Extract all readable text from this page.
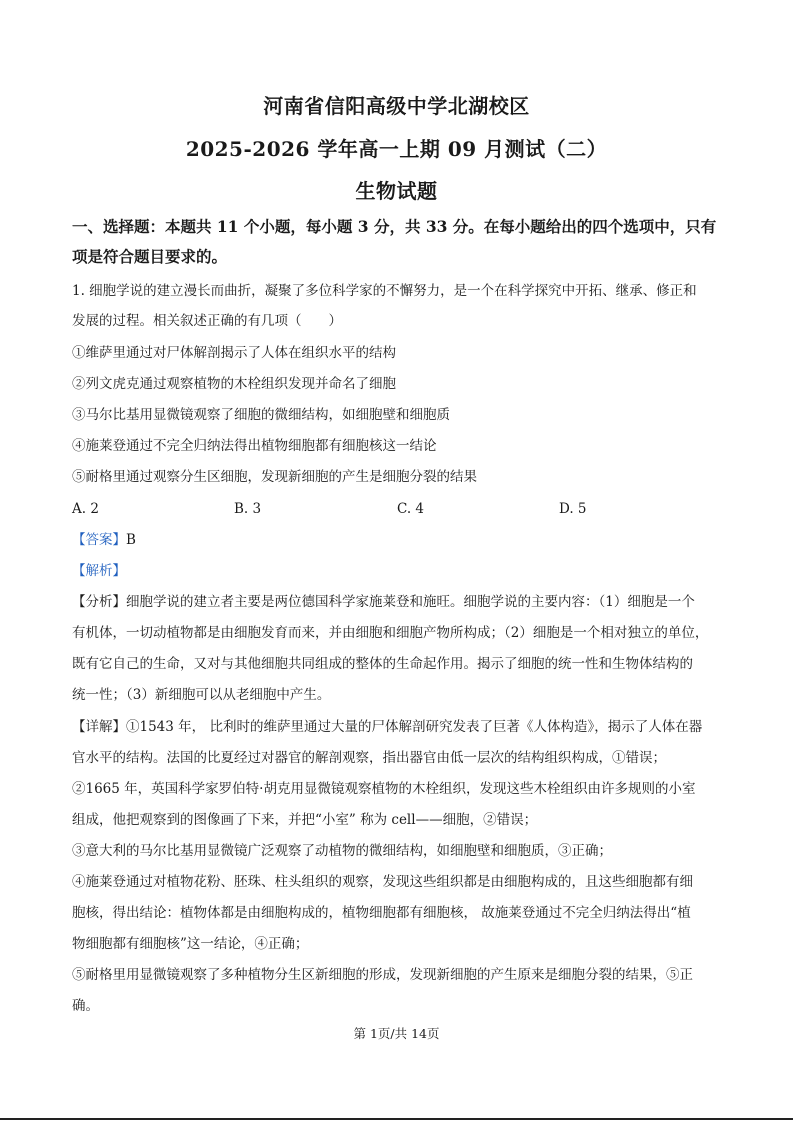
河南省信阳高级中学北湖校区
2025-2026 学年高一上期 09 月测试（二）
生物试题
一、选择题：本题共 11 个小题，每小题 3 分，共 33 分。在每小题给出的四个选项中，只有
项是符合题目要求的。
1. 细胞学说的建立漫长而曲折，凝聚了多位科学家的不懈努力，是一个在科学探究中开拓、继承、修正和
发展的过程。相关叙述正确的有几项（　　）
①维萨里通过对尸体解剖揭示了人体在组织水平的结构
②列文虎克通过观察植物的木栓组织发现并命名了细胞
③马尔比基用显微镜观察了细胞的微细结构，如细胞壁和细胞质
④施莱登通过不完全归纳法得出植物细胞都有细胞核这一结论
⑤耐格里通过观察分生区细胞，发现新细胞的产生是细胞分裂的结果
A. 2	B. 3	C. 4	D. 5
【答案】B
【解析】
【分析】细胞学说的建立者主要是两位德国科学家施莱登和施旺。细胞学说的主要内容：（1）细胞是一个
有机体，一切动植物都是由细胞发育而来，并由细胞和细胞产物所构成；（2）细胞是一个相对独立的单位，
既有它自己的生命，又对与其他细胞共同组成的整体的生命起作用。揭示了细胞的统一性和生物体结构的
统一性；（3）新细胞可以从老细胞中产生。
【详解】①1543 年， 比利时的维萨里通过大量的尸体解剖研究发表了巨著《人体构造》，揭示了人体在器
官水平的结构。法国的比夏经过对器官的解剖观察，指出器官由低一层次的结构组织构成，①错误；
②1665 年，英国科学家罗伯特·胡克用显微镜观察植物的木栓组织，发现这些木栓组织由许多规则的小室
组成，他把观察到的图像画了下来，并把“小室” 称为 cell——细胞，②错误；
③意大利的马尔比基用显微镜广泛观察了动植物的微细结构，如细胞壁和细胞质，③正确；
④施莱登通过对植物花粉、胚珠、柱头组织的观察，发现这些组织都是由细胞构成的，且这些细胞都有细
胞核，得出结论：植物体都是由细胞构成的，植物细胞都有细胞核， 故施莱登通过不完全归纳法得出“植
物细胞都有细胞核”这一结论，④正确；
⑤耐格里用显微镜观察了多种植物分生区新细胞的形成，发现新细胞的产生原来是细胞分裂的结果，⑤正
确。
第 1页/共 14页
